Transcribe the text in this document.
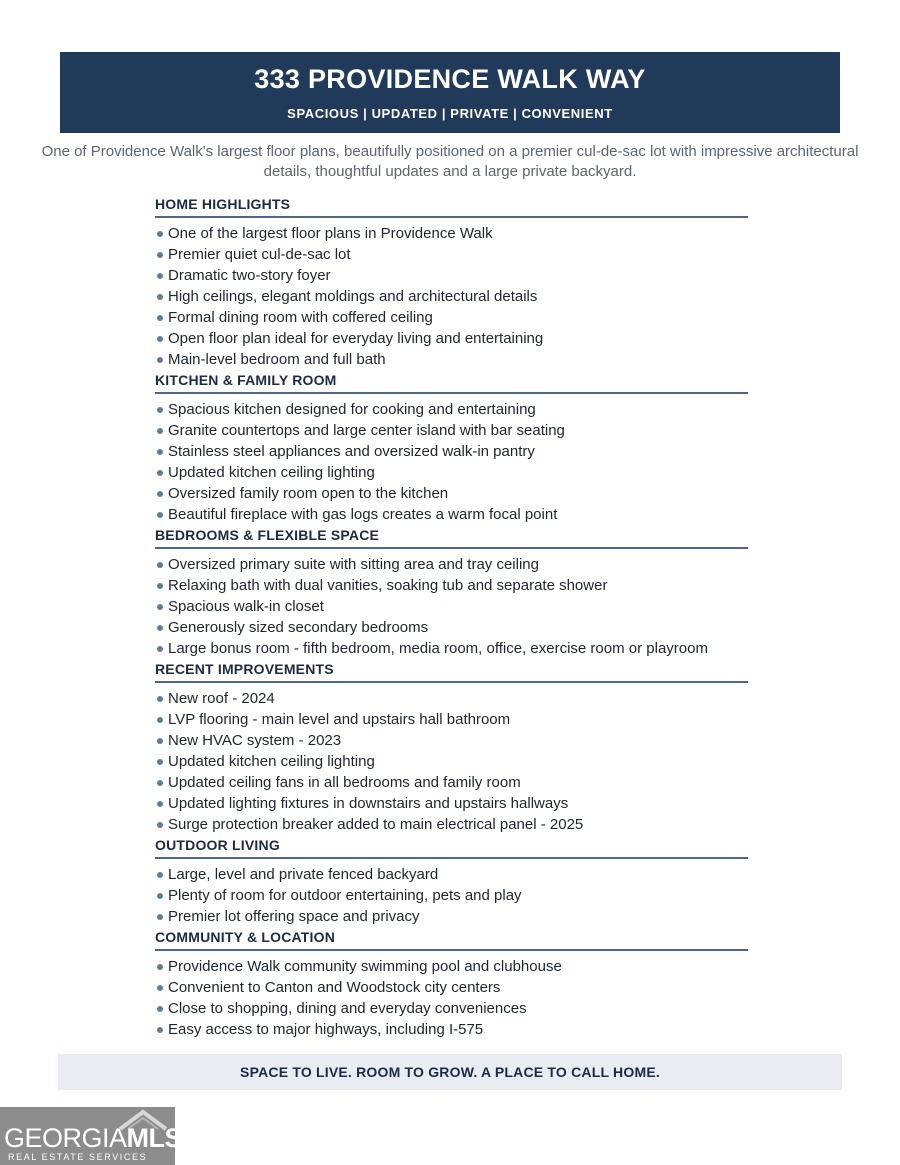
333 PROVIDENCE WALK WAY
SPACIOUS | UPDATED | PRIVATE | CONVENIENT
One of Providence Walk's largest floor plans, beautifully positioned on a premier cul-de-sac lot with impressive architectural details, thoughtful updates and a large private backyard.
HOME HIGHLIGHTS
One of the largest floor plans in Providence Walk
Premier quiet cul-de-sac lot
Dramatic two-story foyer
High ceilings, elegant moldings and architectural details
Formal dining room with coffered ceiling
Open floor plan ideal for everyday living and entertaining
Main-level bedroom and full bath
KITCHEN & FAMILY ROOM
Spacious kitchen designed for cooking and entertaining
Granite countertops and large center island with bar seating
Stainless steel appliances and oversized walk-in pantry
Updated kitchen ceiling lighting
Oversized family room open to the kitchen
Beautiful fireplace with gas logs creates a warm focal point
BEDROOMS & FLEXIBLE SPACE
Oversized primary suite with sitting area and tray ceiling
Relaxing bath with dual vanities, soaking tub and separate shower
Spacious walk-in closet
Generously sized secondary bedrooms
Large bonus room - fifth bedroom, media room, office, exercise room or playroom
RECENT IMPROVEMENTS
New roof - 2024
LVP flooring - main level and upstairs hall bathroom
New HVAC system - 2023
Updated kitchen ceiling lighting
Updated ceiling fans in all bedrooms and family room
Updated lighting fixtures in downstairs and upstairs hallways
Surge protection breaker added to main electrical panel - 2025
OUTDOOR LIVING
Large, level and private fenced backyard
Plenty of room for outdoor entertaining, pets and play
Premier lot offering space and privacy
COMMUNITY & LOCATION
Providence Walk community swimming pool and clubhouse
Convenient to Canton and Woodstock city centers
Close to shopping, dining and everyday conveniences
Easy access to major highways, including I-575
SPACE TO LIVE. ROOM TO GROW. A PLACE TO CALL HOME.
GEORGIAMLS
REAL ESTATE SERVICES
